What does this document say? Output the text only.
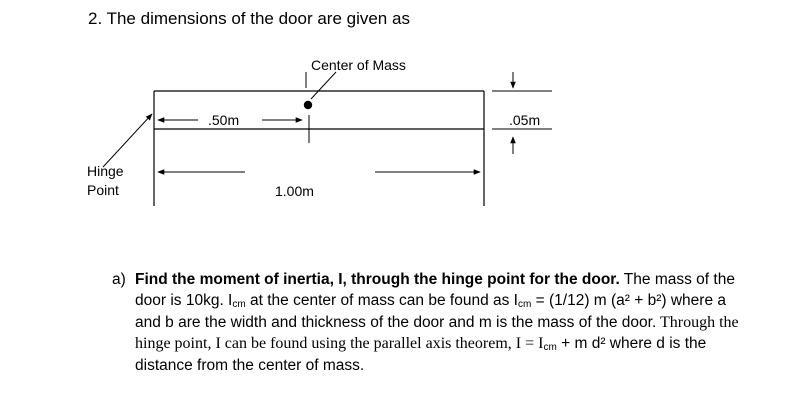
2. The dimensions of the door are given as
Center of Mass
.50m	.05m
Hinge
Point	1.00m
a) Find the moment of inertia, I, through the hinge point for the door. The mass of the door is 10kg. Icm at the center of mass can be found as Icm = (1/12) m (a² + b²) where a and b are the width and thickness of the door and m is the mass of the door. Through the hinge point, I can be found using the parallel axis theorem, I = Icm + m d² where d is the distance from the center of mass.
